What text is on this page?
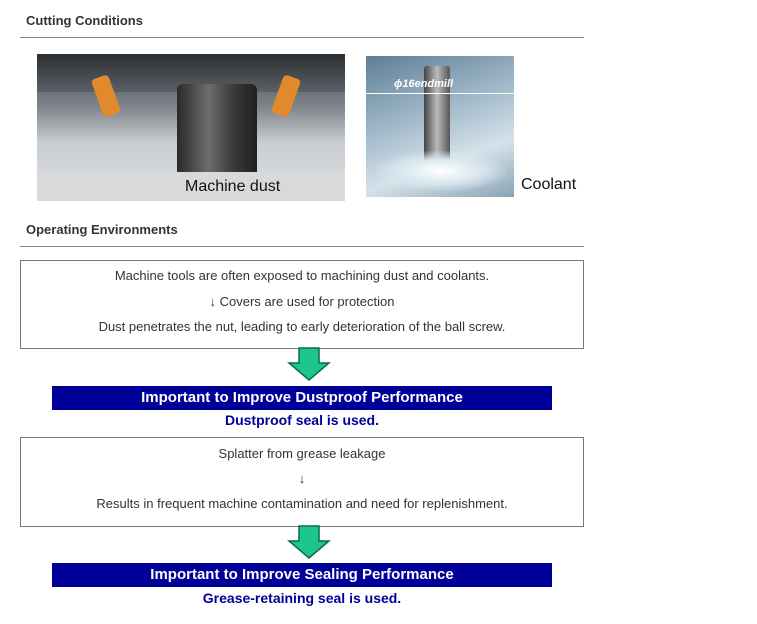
Cutting Conditions
Machine dust
ϕ16endmill
Coolant
Operating Environments
Machine tools are often exposed to machining dust and coolants.
↓ Covers are used for protection
Dust penetrates the nut, leading to early deterioration of the ball screw.
Important to Improve Dustproof Performance
Dustproof seal is used.
Splatter from grease leakage
↓
Results in frequent machine contamination and need for replenishment.
Important to Improve Sealing Performance
Grease-retaining seal is used.
